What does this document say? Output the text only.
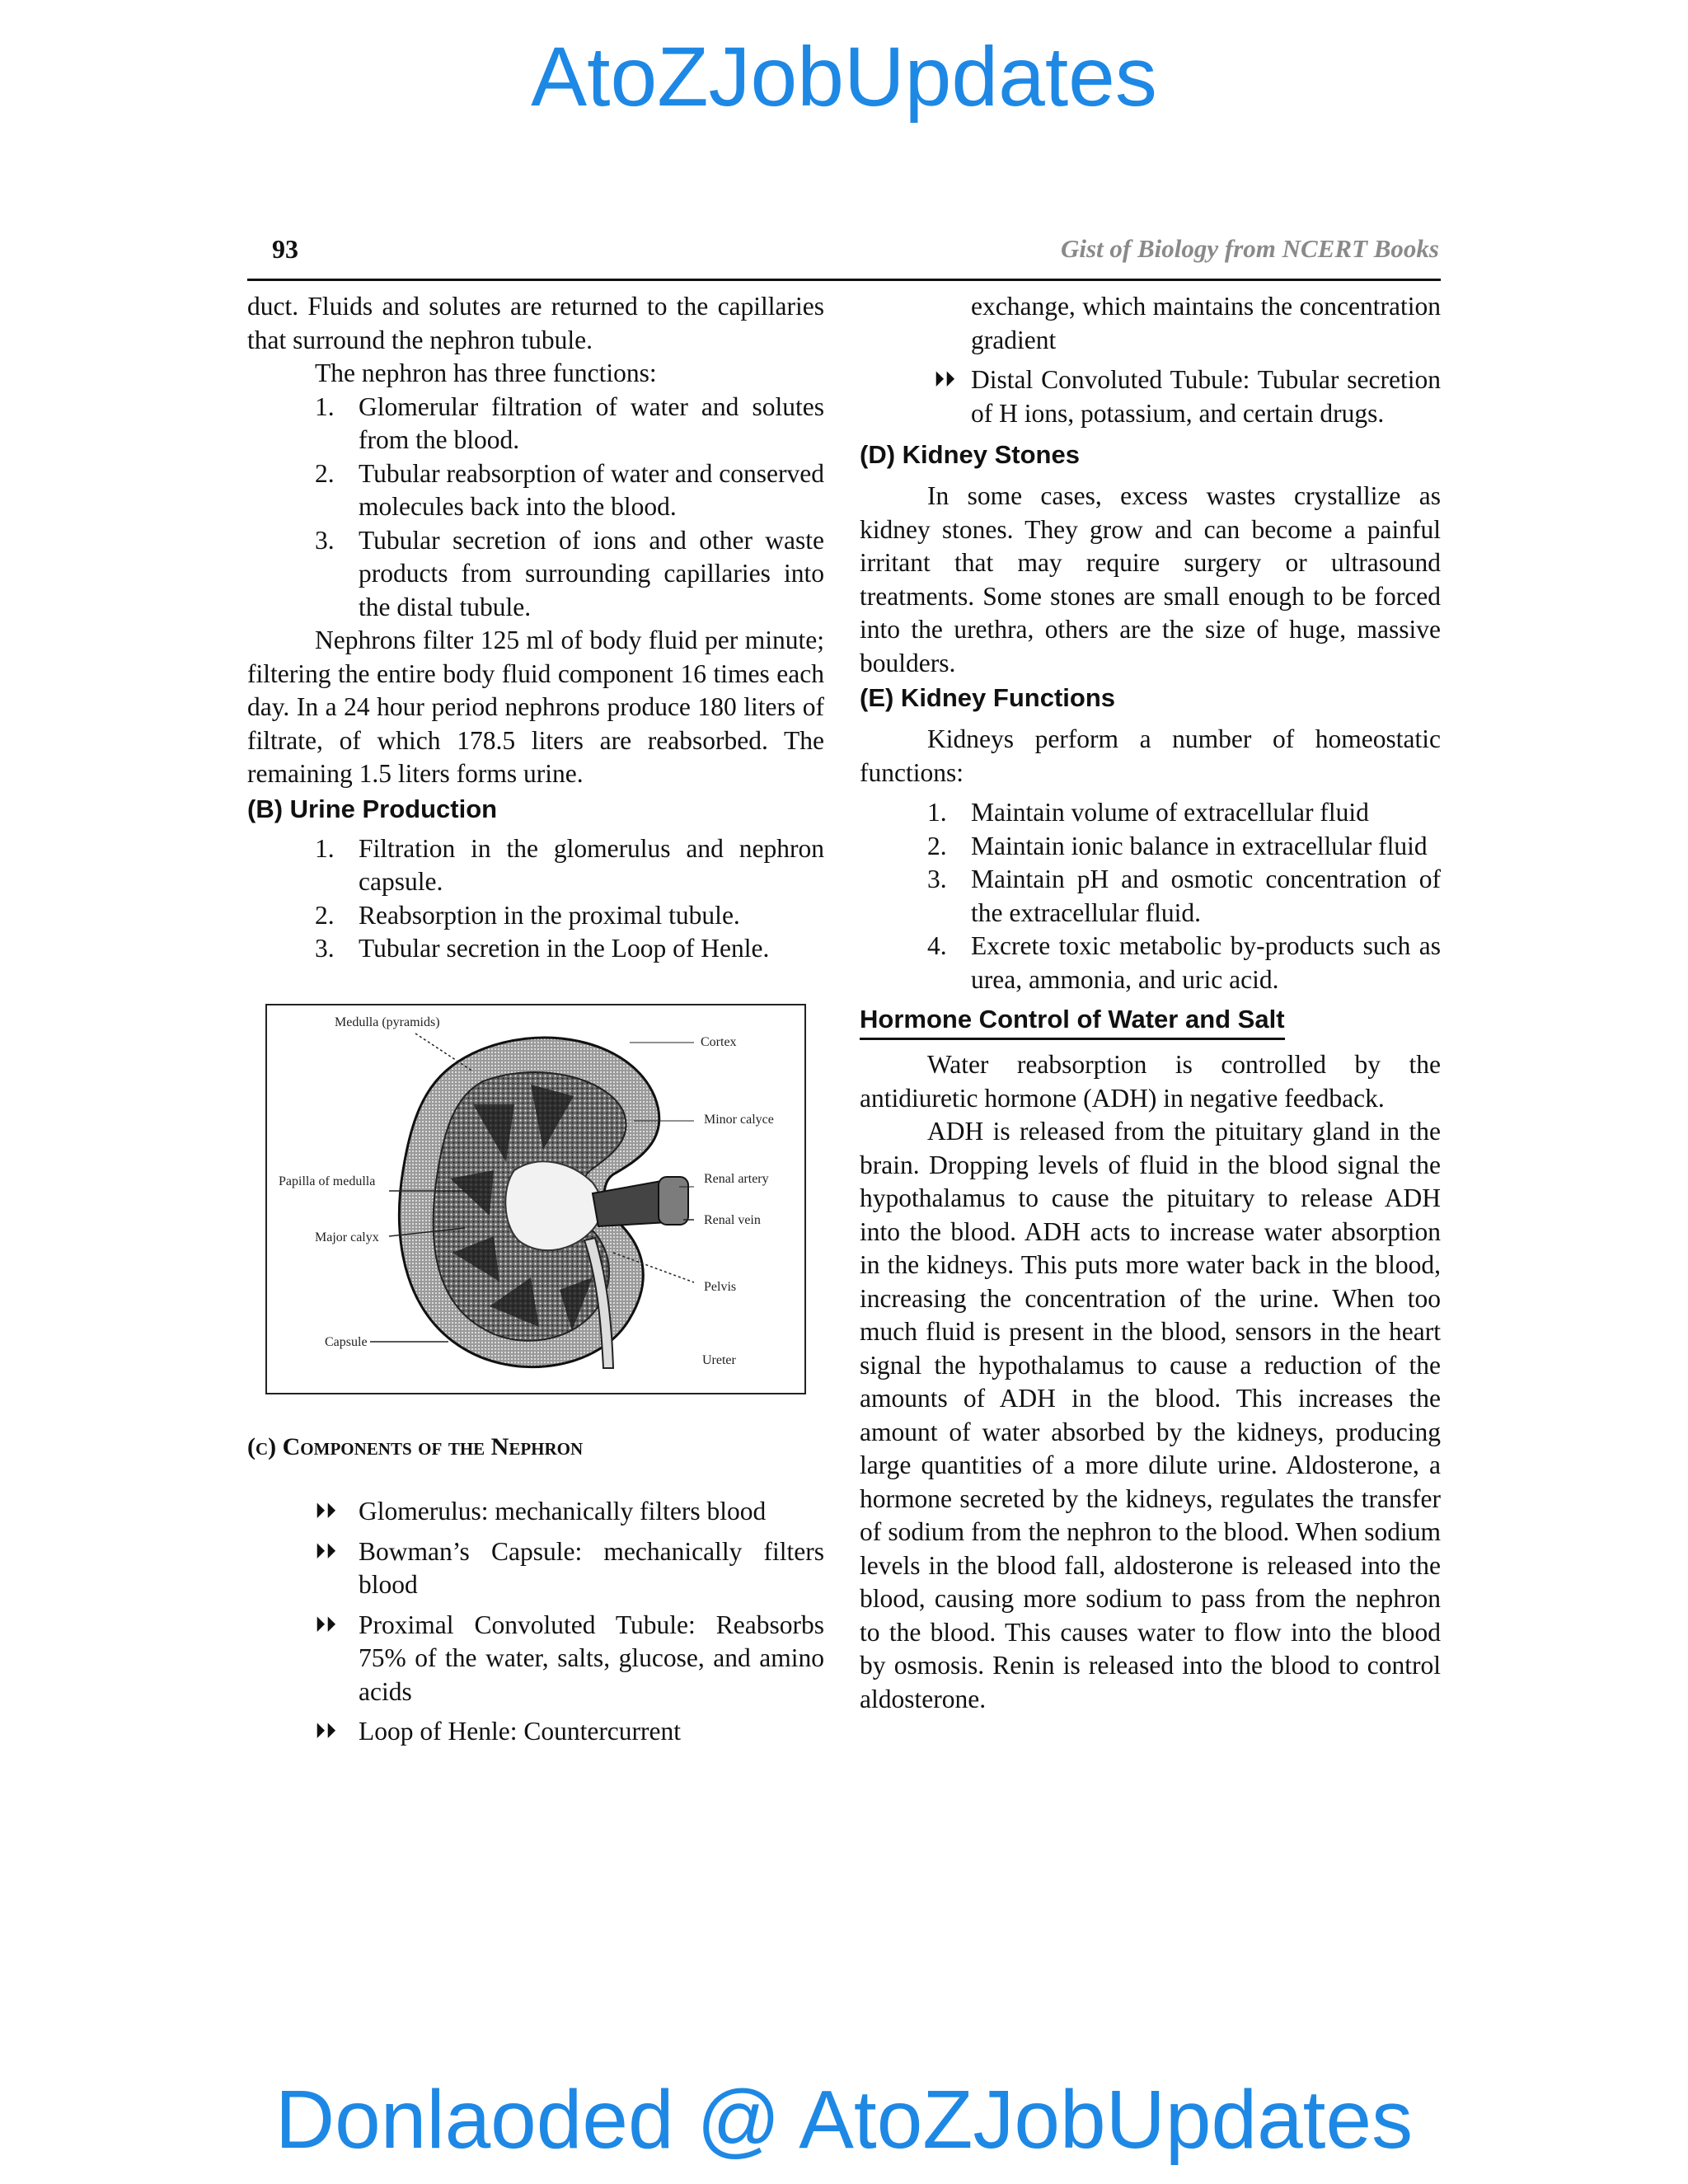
AtoZJobUpdates
93	Gist of Biology from NCERT Books

duct. Fluids and solutes are returned to the capillaries that surround the nephron tubule.

The nephron has three functions:

1. Glomerular filtration of water and solutes from the blood.
2. Tubular reabsorption of water and conserved molecules back into the blood.
3. Tubular secretion of ions and other waste products from surrounding capillaries into the distal tubule.

Nephrons filter 125 ml of body fluid per minute; filtering the entire body fluid component 16 times each day. In a 24 hour period nephrons produce 180 liters of filtrate, of which 178.5 liters are reabsorbed. The remaining 1.5 liters forms urine.

(B) Urine Production

1. Filtration in the glomerulus and nephron capsule.
2. Reabsorption in the proximal tubule.
3. Tubular secretion in the Loop of Henle.
Medulla (pyramids)
Cortex
Minor calyce
Papilla of medulla	Renal artery
Renal vein
Major calyx
Pelvis
Capsule
Ureter

(c) Components of the Nephron

⏵⏵ Glomerulus: mechanically filters blood
⏵⏵ Bowman’s Capsule: mechanically filters blood
⏵⏵ Proximal Convoluted Tubule: Reabsorbs 75% of the water, salts, glucose, and amino acids
⏵⏵ Loop of Henle: Countercurrent
exchange, which maintains the concentration gradient
⏵⏵ Distal Convoluted Tubule: Tubular secretion of H ions, potassium, and certain drugs.

(D) Kidney Stones

In some cases, excess wastes crystallize as kidney stones. They grow and can become a painful irritant that may require surgery or ultrasound treatments. Some stones are small enough to be forced into the urethra, others are the size of huge, massive boulders.

(E) Kidney Functions

Kidneys perform a number of homeostatic functions:

1. Maintain volume of extracellular fluid
2. Maintain ionic balance in extracellular fluid
3. Maintain pH and osmotic concentration of the extracellular fluid.
4. Excrete toxic metabolic by-products such as urea, ammonia, and uric acid.
Hormone Control of Water and Salt

Water reabsorption is controlled by the antidiuretic hormone (ADH) in negative feedback.

ADH is released from the pituitary gland in the brain. Dropping levels of fluid in the blood signal the hypothalamus to cause the pituitary to release ADH into the blood. ADH acts to increase water absorption in the kidneys. This puts more water back in the blood, increasing the concentration of the urine. When too much fluid is present in the blood, sensors in the heart signal the hypothalamus to cause a reduction of the amounts of ADH in the blood. This increases the amount of water absorbed by the kidneys, producing large quantities of a more dilute urine. Aldosterone, a hormone secreted by the kidneys, regulates the transfer of sodium from the nephron to the blood. When sodium levels in the blood fall, aldosterone is released into the blood, causing more sodium to pass from the nephron to the blood. This causes water to flow into the blood by osmosis. Renin is released into the blood to control aldosterone.

Donlaoded @ AtoZJobUpdates
